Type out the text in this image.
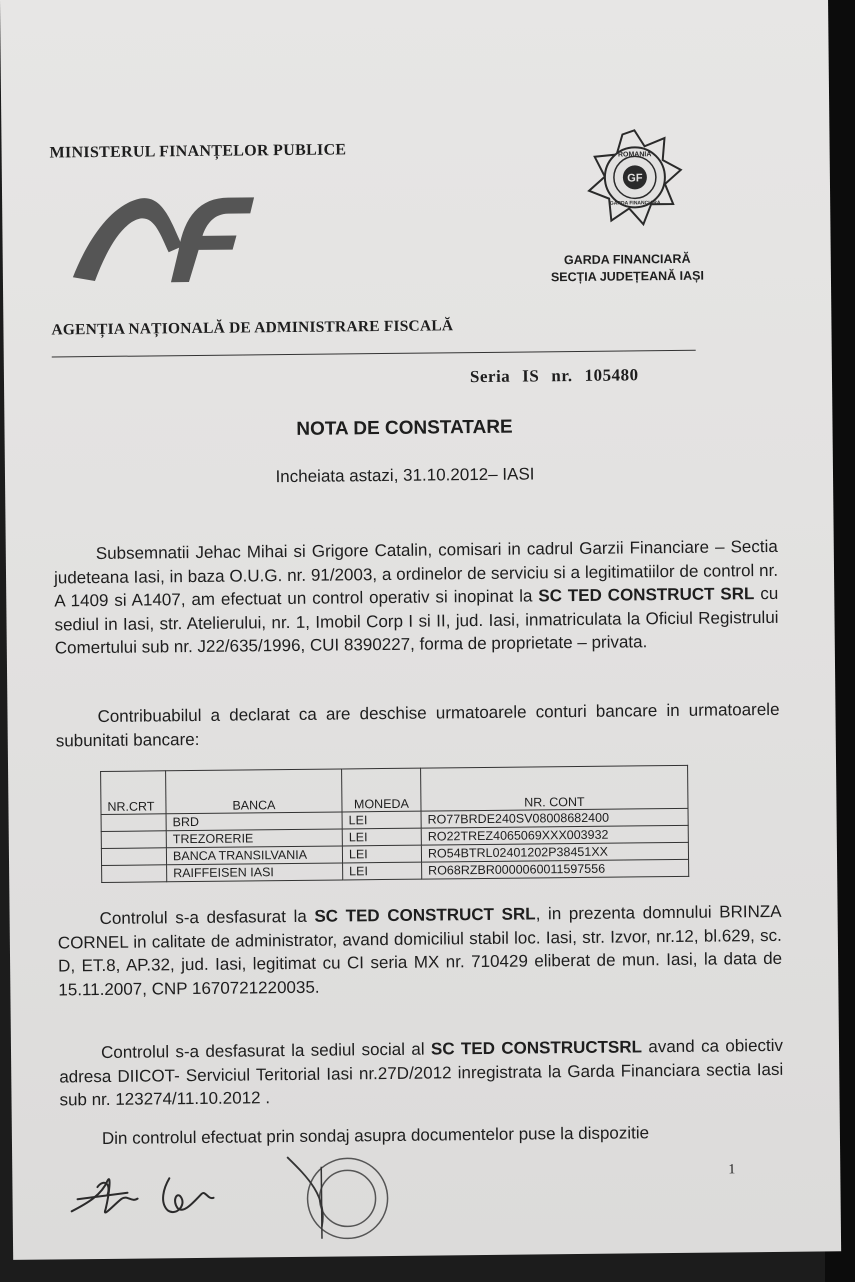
MINISTERUL FINANȚELOR PUBLICE
GF
ROMANIA
GARDA FINANCIARA
GARDA FINANCIARĂ
SECȚIA JUDEȚEANĂ IAȘI
AGENȚIA NAȚIONALĂ DE ADMINISTRARE FISCALĂ
Seria IS nr. 105480
NOTA DE CONSTATARE
Incheiata astazi, 31.10.2012– IASI
Subsemnatii Jehac Mihai si Grigore Catalin, comisari in cadrul Garzii Financiare – Sectia judeteana Iasi, in baza O.U.G. nr. 91/2003, a ordinelor de serviciu si a legitimatiilor de control nr. A 1409 si A1407, am efectuat un control operativ si inopinat la SC TED CONSTRUCT SRL cu sediul in Iasi, str. Atelierului, nr. 1, Imobil Corp I si II, jud. Iasi, inmatriculata la Oficiul Registrului Comertului sub nr. J22/635/1996, CUI 8390227, forma de proprietate – privata.
Contribuabilul a declarat ca are deschise urmatoarele conturi bancare in urmatoarele subunitati bancare:
NR.CRT	BANCA	MONEDA	NR. CONT
	BRD	LEI	RO77BRDE240SV08008682400
	TREZORERIE	LEI	RO22TREZ4065069XXX003932
	BANCA TRANSILVANIA	LEI	RO54BTRL02401202P38451XX
	RAIFFEISEN IASI	LEI	RO68RZBR0000060011597556
Controlul s-a desfasurat la SC TED CONSTRUCT SRL, in prezenta domnului BRINZA CORNEL in calitate de administrator, avand domiciliul stabil loc. Iasi, str. Izvor, nr.12, bl.629, sc. D, ET.8, AP.32, jud. Iasi, legitimat cu CI seria MX nr. 710429 eliberat de mun. Iasi, la data de 15.11.2007, CNP 1670721220035.
Controlul s-a desfasurat la sediul social al SC TED CONSTRUCTSRL avand ca obiectiv adresa DIICOT- Serviciul Teritorial Iasi nr.27D/2012 inregistrata la Garda Financiara sectia Iasi sub nr. 123274/11.10.2012 .
Din controlul efectuat prin sondaj asupra documentelor puse la dispozitie
1
